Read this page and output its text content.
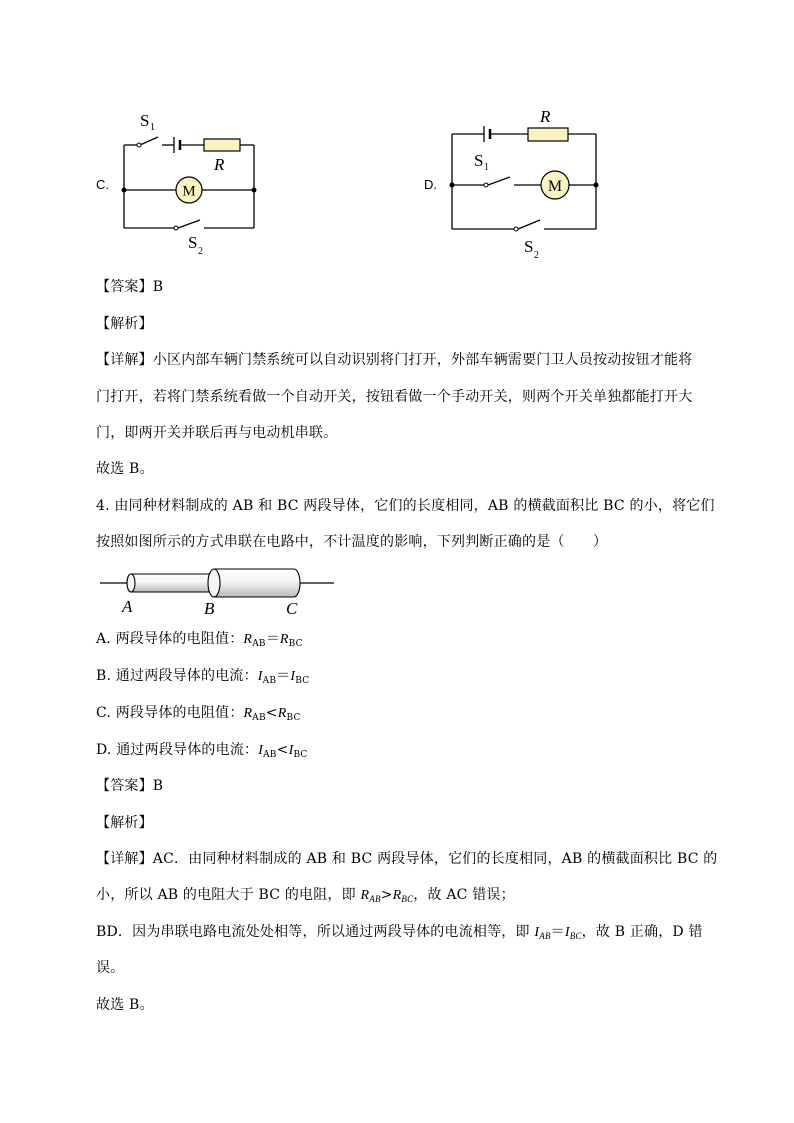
C.	M
S 1
R
S 2
D.	M
R
S 1
S 2
【答案】B
【解析】
【详解】小区内部车辆门禁系统可以自动识别将门打开，外部车辆需要门卫人员按动按钮才能将
门打开，若将门禁系统看做一个自动开关，按钮看做一个手动开关，则两个开关单独都能打开大
门，即两开关并联后再与电动机串联。
故选 B。
4. 由同种材料制成的 AB 和 BC 两段导体，它们的长度相同，AB 的横截面积比 BC 的小，将它们
按照如图所示的方式串联在电路中，不计温度的影响，下列判断正确的是（　　）
A	B	C
A. 两段导体的电阻值：$R_{AB}=R_{BC}$
B. 通过两段导体的电流：$I_{AB}=I_{BC}$
C. 两段导体的电阻值：$R_{AB}<R_{BC}$
D. 通过两段导体的电流：$I_{AB}<I_{BC}$
【答案】B
【解析】
【详解】AC．由同种材料制成的 AB 和 BC 两段导体，它们的长度相同，AB 的横截面积比 BC 的
小，所以 AB 的电阻大于 BC 的电阻，即 $R_{AB}>R_{BC}$，故 AC 错误；
BD．因为串联电路电流处处相等，所以通过两段导体的电流相等，即 $I_{AB}=I_{BC}$，故 B 正确，D 错
误。
故选 B。
